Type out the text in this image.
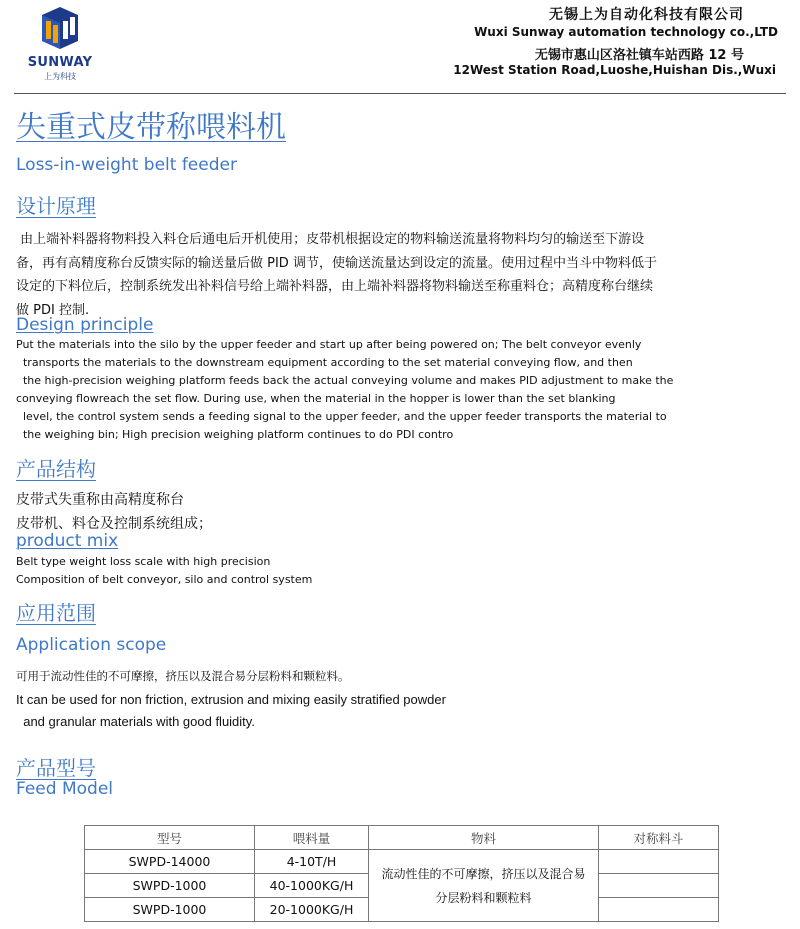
SUNWAY
上为科技
无锡上为自动化科技有限公司
Wuxi Sunway automation technology co.,LTD
无锡市惠山区洛社镇车站西路 12 号
12West Station Road,Luoshe,Huishan Dis.,Wuxi
失重式皮带称喂料机
Loss-in-weight belt feeder
设计原理
由上端补料器将物料投入料仓后通电后开机使用；皮带机根据设定的物料输送流量将物料均匀的输送至下游设
备，再有高精度称台反馈实际的输送量后做 PID 调节，使输送流量达到设定的流量。使用过程中当斗中物料低于
设定的下料位后，控制系统发出补料信号给上端补料器，由上端补料器将物料输送至称重料仓；高精度称台继续
做 PDI 控制.
Design principle
Put the materials into the silo by the upper feeder and start up after being powered on; The belt conveyor evenly
transports the materials to the downstream equipment according to the set material conveying flow, and then
the high-precision weighing platform feeds back the actual conveying volume and makes PID adjustment to make the
conveying flowreach the set flow. During use, when the material in the hopper is lower than the set blanking
level, the control system sends a feeding signal to the upper feeder, and the upper feeder transports the material to
the weighing bin; High precision weighing platform continues to do PDI contro
产品结构
皮带式失重称由高精度称台
皮带机、料仓及控制系统组成；
product mix
Belt type weight loss scale with high precision
Composition of belt conveyor, silo and control system
应用范围
Application scope
可用于流动性佳的不可摩擦，挤压以及混合易分层粉料和颗粒料。
It can be used for non friction, extrusion and mixing easily stratified powder
and granular materials with good fluidity.
产品型号
Feed Model
型号	喂料量	物料	对称料斗
SWPD-14000	4-10T/H	流动性佳的不可摩擦，挤压以及混合易
分层粉料和颗粒料	

SWPD-1000	40-1000KG/H		
SWPD-1000	20-1000KG/H		
